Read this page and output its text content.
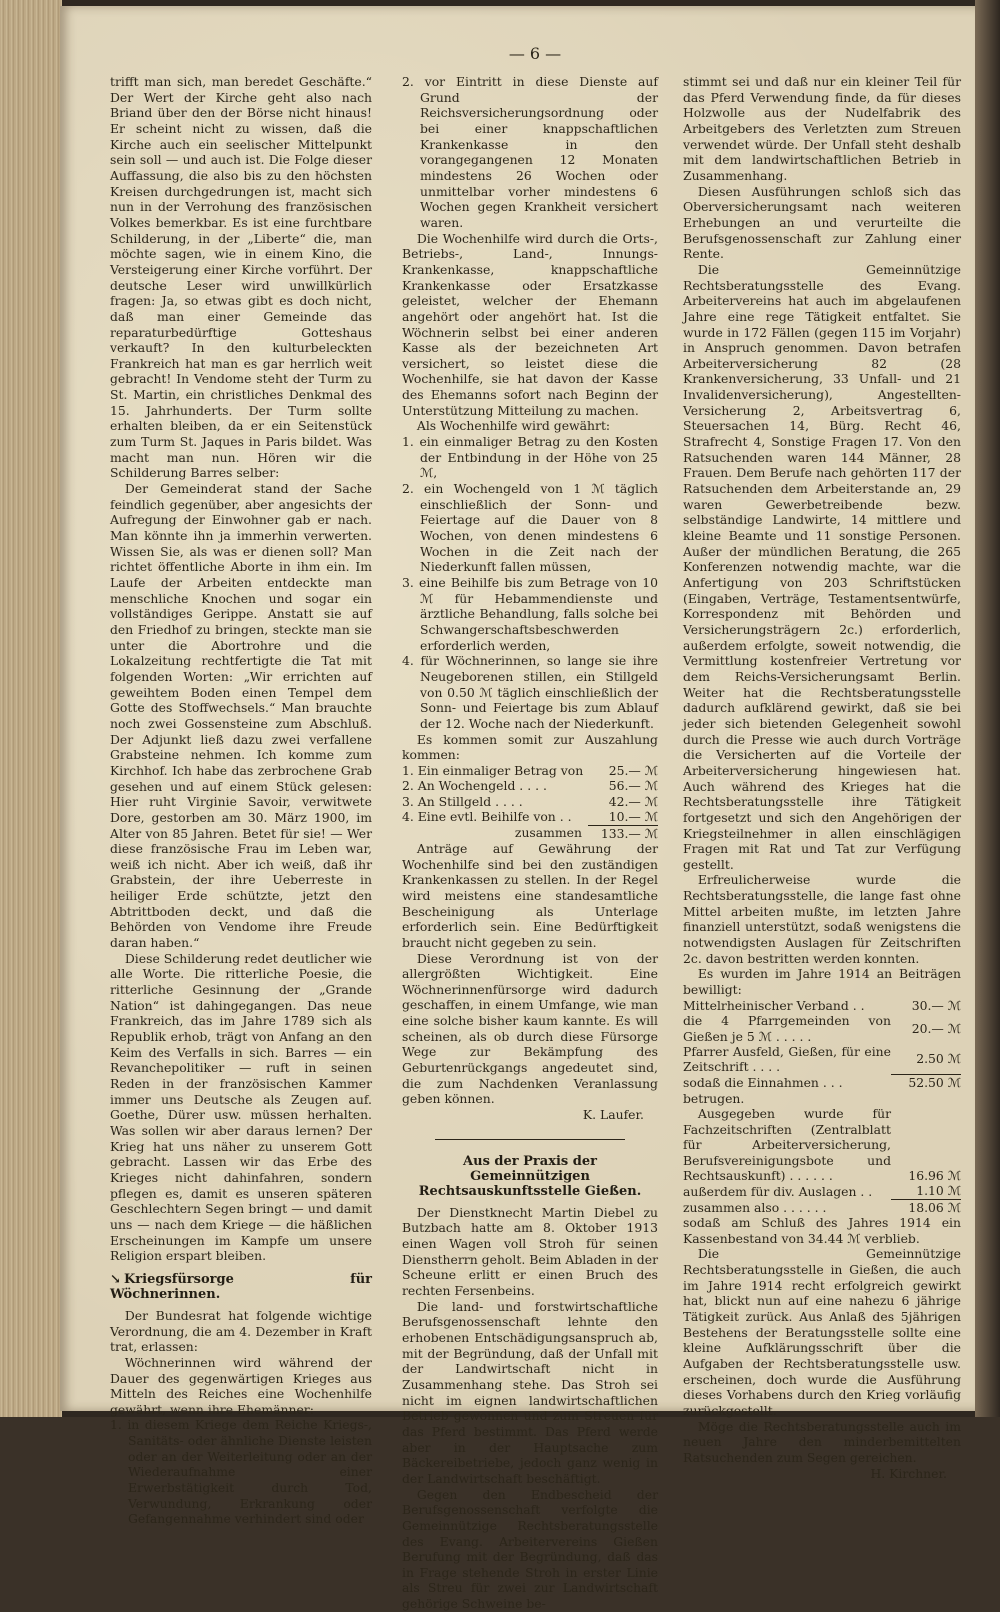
— 6 —

trifft man sich, man beredet Geschäfte.“ Der Wert der Kirche geht also nach Briand über den der Börse nicht hinaus! Er scheint nicht zu wissen, daß die Kirche auch ein seelischer Mittelpunkt sein soll — und auch ist. Die Folge dieser Auffassung, die also bis zu den höchsten Kreisen durchgedrungen ist, macht sich nun in der Verrohung des französischen Volkes bemerkbar. Es ist eine furchtbare Schilderung, in der „Liberte“ die, man möchte sagen, wie in einem Kino, die Versteigerung einer Kirche vorführt. Der deutsche Leser wird unwillkürlich fragen: Ja, so etwas gibt es doch nicht, daß man einer Gemeinde das reparaturbedürftige Gotteshaus verkauft? In den kulturbeleckten Frankreich hat man es gar herrlich weit gebracht! In Vendome steht der Turm zu St. Martin, ein christliches Denkmal des 15. Jahrhunderts. Der Turm sollte erhalten bleiben, da er ein Seitenstück zum Turm St. Jaques in Paris bildet. Was macht man nun. Hören wir die Schilderung Barres selber:

Der Gemeinderat stand der Sache feindlich gegenüber, aber angesichts der Aufregung der Einwohner gab er nach. Man könnte ihn ja immerhin verwerten. Wissen Sie, als was er dienen soll? Man richtet öffentliche Aborte in ihm ein. Im Laufe der Arbeiten entdeckte man menschliche Knochen und sogar ein vollständiges Gerippe. Anstatt sie auf den Friedhof zu bringen, steckte man sie unter die Abortrohre und die Lokalzeitung rechtfertigte die Tat mit folgenden Worten: „Wir errichten auf geweihtem Boden einen Tempel dem Gotte des Stoffwechsels.“ Man brauchte noch zwei Gossensteine zum Abschluß. Der Adjunkt ließ dazu zwei verfallene Grabsteine nehmen. Ich komme zum Kirchhof. Ich habe das zerbrochene Grab gesehen und auf einem Stück gelesen: Hier ruht Virginie Savoir, verwitwete Dore, gestorben am 30. März 1900, im Alter von 85 Jahren. Betet für sie! — Wer diese französische Frau im Leben war, weiß ich nicht. Aber ich weiß, daß ihr Grabstein, der ihre Ueberreste in heiliger Erde schützte, jetzt den Abtrittboden deckt, und daß die Behörden von Vendome ihre Freude daran haben.“

Diese Schilderung redet deutlicher wie alle Worte. Die ritterliche Poesie, die ritterliche Gesinnung der „Grande Nation“ ist dahingegangen. Das neue Frankreich, das im Jahre 1789 sich als Republik erhob, trägt von Anfang an den Keim des Verfalls in sich. Barres — ein Revanchepolitiker — ruft in seinen Reden in der französischen Kammer immer uns Deutsche als Zeugen auf. Goethe, Dürer usw. müssen herhalten. Was sollen wir aber daraus lernen? Der Krieg hat uns näher zu unserem Gott gebracht. Lassen wir das Erbe des Krieges nicht dahinfahren, sondern pflegen es, damit es unseren späteren Geschlechtern Segen bringt — und damit uns — nach dem Kriege — die häßlichen Erscheinungen im Kampfe um unsere Religion erspart bleiben.

↘ Kriegsfürsorge für Wöchnerinnen.

Der Bundesrat hat folgende wichtige Verordnung, die am 4. Dezember in Kraft trat, erlassen:

Wöchnerinnen wird während der Dauer des gegenwärtigen Krieges aus Mitteln des Reiches eine Wochenhilfe gewährt, wenn ihre Ehemänner:

1. in diesem Kriege dem Reiche Kriegs-, Sanitäts- oder ähnliche Dienste leisten oder an der Weiterleitung oder an der Wiederaufnahme einer Erwerbstätigkeit durch Tod, Verwundung, Erkrankung oder Gefangennahme verhindert sind oder
2. vor Eintritt in diese Dienste auf Grund der Reichsversicherungsordnung oder bei einer knappschaftlichen Krankenkasse in den vorangegangenen 12 Monaten mindestens 26 Wochen oder unmittelbar vorher mindestens 6 Wochen gegen Krankheit versichert waren.

Die Wochenhilfe wird durch die Orts-, Betriebs-, Land-, Innungs-Krankenkasse, knappschaftliche Krankenkasse oder Ersatzkasse geleistet, welcher der Ehemann angehört oder angehört hat. Ist die Wöchnerin selbst bei einer anderen Kasse als der bezeichneten Art versichert, so leistet diese die Wochenhilfe, sie hat davon der Kasse des Ehemanns sofort nach Beginn der Unterstützung Mitteilung zu machen.

Als Wochenhilfe wird gewährt:

1. ein einmaliger Betrag zu den Kosten der Entbindung in der Höhe von 25 ℳ,
2. ein Wochengeld von 1 ℳ täglich einschließlich der Sonn- und Feiertage auf die Dauer von 8 Wochen, von denen mindestens 6 Wochen in die Zeit nach der Niederkunft fallen müssen,
3. eine Beihilfe bis zum Betrage von 10 ℳ für Hebammendienste und ärztliche Behandlung, falls solche bei Schwangerschaftsbeschwerden erforderlich werden,
4. für Wöchnerinnen, so lange sie ihre Neugeborenen stillen, ein Stillgeld von 0.50 ℳ täglich einschließlich der Sonn- und Feiertage bis zum Ablauf der 12. Woche nach der Niederkunft.

Es kommen somit zur Auszahlung kommen:

1. Ein einmaliger Betrag von	25.— ℳ
2. An Wochengeld . . . .	56.— ℳ
3. An Stillgeld . . . .	42.— ℳ
4. Eine evtl. Beihilfe von . .	10.— ℳ
zusammen	133.— ℳ

Anträge auf Gewährung der Wochenhilfe sind bei den zuständigen Krankenkassen zu stellen. In der Regel wird meistens eine standesamtliche Bescheinigung als Unterlage erforderlich sein. Eine Bedürftigkeit braucht nicht gegeben zu sein.

Diese Verordnung ist von der allergrößten Wichtigkeit. Eine Wöchnerinnenfürsorge wird dadurch geschaffen, in einem Umfange, wie man eine solche bisher kaum kannte. Es will scheinen, als ob durch diese Fürsorge Wege zur Bekämpfung des Geburtenrückgangs angedeutet sind, die zum Nachdenken Veranlassung geben können.

K. Laufer.

Aus der Praxis der Gemeinnützigen Rechtsauskunftsstelle Gießen.

Der Dienstknecht Martin Diebel zu Butzbach hatte am 8. Oktober 1913 einen Wagen voll Stroh für seinen Dienstherrn geholt. Beim Abladen in der Scheune erlitt er einen Bruch des rechten Fersenbeins.

Die land- und forstwirtschaftliche Berufsgenossenschaft lehnte den erhobenen Entschädigungsanspruch ab, mit der Begründung, daß der Unfall mit der Landwirtschaft nicht in Zusammenhang stehe. Das Stroh sei nicht im eignen landwirtschaftlichen Betrieb gewonnen und zum Streuen für das Pferd bestimmt. Das Pferd werde aber in der Hauptsache zum Bäckereibetriebe, jedoch ganz wenig in der Landwirtschaft beschäftigt.

Gegen den Endbescheid der Berufsgenossenschaft verfolgte die Gemeinnützige Rechtsberatungsstelle des Evang. Arbeitervereins Gießen Berufung mit der Begründung, daß das in Frage stehende Stroh in erster Linie als Streu für zwei zur Landwirtschaft gehörige Schweine be-

stimmt sei und daß nur ein kleiner Teil für das Pferd Verwendung finde, da für dieses Holzwolle aus der Nudelfabrik des Arbeitgebers des Verletzten zum Streuen verwendet würde. Der Unfall steht deshalb mit dem landwirtschaftlichen Betrieb in Zusammenhang.

Diesen Ausführungen schloß sich das Oberversicherungsamt nach weiteren Erhebungen an und verurteilte die Berufsgenossenschaft zur Zahlung einer Rente.

Die Gemeinnützige Rechtsberatungsstelle des Evang. Arbeitervereins hat auch im abgelaufenen Jahre eine rege Tätigkeit entfaltet. Sie wurde in 172 Fällen (gegen 115 im Vorjahr) in Anspruch genommen. Davon betrafen Arbeiterversicherung 82 (28 Krankenversicherung, 33 Unfall- und 21 Invalidenversicherung), Angestellten-Versicherung 2, Arbeitsvertrag 6, Steuersachen 14, Bürg. Recht 46, Strafrecht 4, Sonstige Fragen 17. Von den Ratsuchenden waren 144 Männer, 28 Frauen. Dem Berufe nach gehörten 117 der Ratsuchenden dem Arbeiterstande an, 29 waren Gewerbetreibende bezw. selbständige Landwirte, 14 mittlere und kleine Beamte und 11 sonstige Personen. Außer der mündlichen Beratung, die 265 Konferenzen notwendig machte, war die Anfertigung von 203 Schriftstücken (Eingaben, Verträge, Testamentsentwürfe, Korrespondenz mit Behörden und Versicherungsträgern 2c.) erforderlich, außerdem erfolgte, soweit notwendig, die Vermittlung kostenfreier Vertretung vor dem Reichs-Versicherungsamt Berlin. Weiter hat die Rechtsberatungsstelle dadurch aufklärend gewirkt, daß sie bei jeder sich bietenden Gelegenheit sowohl durch die Presse wie auch durch Vorträge die Versicherten auf die Vorteile der Arbeiterversicherung hingewiesen hat. Auch während des Krieges hat die Rechtsberatungsstelle ihre Tätigkeit fortgesetzt und sich den Angehörigen der Kriegsteilnehmer in allen einschlägigen Fragen mit Rat und Tat zur Verfügung gestellt.

Erfreulicherweise wurde die Rechtsberatungsstelle, die lange fast ohne Mittel arbeiten mußte, im letzten Jahre finanziell unterstützt, sodaß wenigstens die notwendigsten Auslagen für Zeitschriften 2c. davon bestritten werden konnten.

Es wurden im Jahre 1914 an Beiträgen bewilligt:

Mittelrheinischer Verband . .	30.— ℳ
die 4 Pfarrgemeinden von Gießen je 5 ℳ . . . . .	20.— ℳ
Pfarrer Ausfeld, Gießen, für eine Zeitschrift . . . .	2.50 ℳ
sodaß die Einnahmen . . .	52.50 ℳ

betrugen.

Ausgegeben wurde für Fachzeitschriften (Zentralblatt für Arbeiterversicherung, Berufsvereinigungsbote und Rechtsauskunft) . . . . . .	16.96 ℳ
außerdem für div. Auslagen . .	1.10 ℳ
zusammen also . . . . . .	18.06 ℳ

sodaß am Schluß des Jahres 1914 ein Kassenbestand von 34.44 ℳ verblieb.

Die Gemeinnützige Rechtsberatungsstelle in Gießen, die auch im Jahre 1914 recht erfolgreich gewirkt hat, blickt nun auf eine nahezu 6 jährige Tätigkeit zurück. Aus Anlaß des 5jährigen Bestehens der Beratungsstelle sollte eine kleine Aufklärungsschrift über die Aufgaben der Rechtsberatungsstelle usw. erscheinen, doch wurde die Ausführung dieses Vorhabens durch den Krieg vorläufig zurückgestellt.

Möge die Rechtsberatungsstelle auch im neuen Jahre den minderbemittelten Ratsuchenden zum Segen gereichen.

H. Kirchner.
